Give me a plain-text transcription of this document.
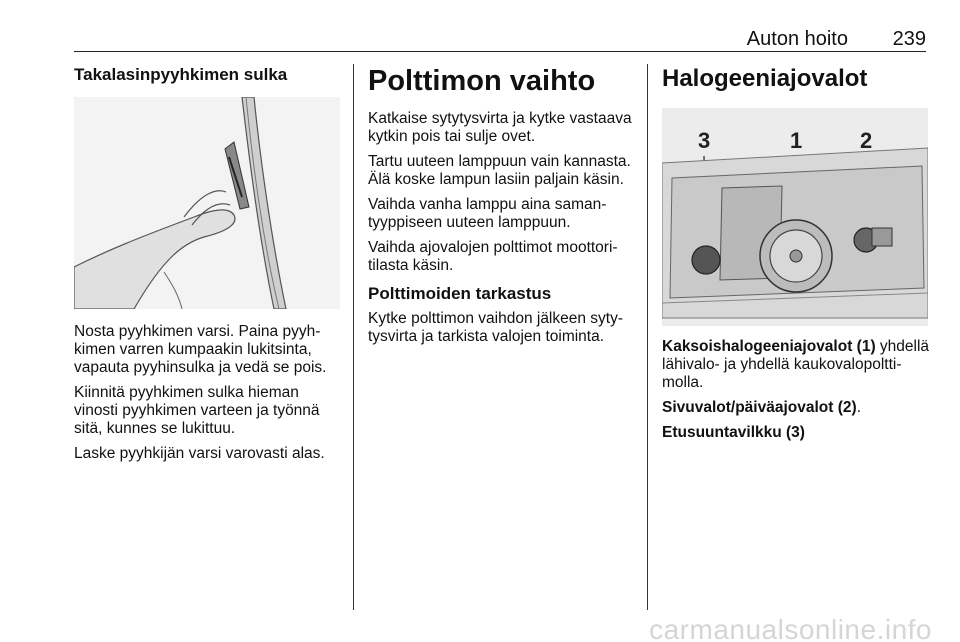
Auton hoito 239
Takalasinpyyhkimen sulka

Nosta pyyhkimen varsi. Paina pyyh-kimen varren kumpaakin lukitsinta, vapauta pyyhinsulka ja vedä se pois.

Kiinnitä pyyhkimen sulka hieman vinosti pyyhkimen varteen ja työnnä sitä, kunnes se lukittuu.

Laske pyyhkijän varsi varovasti alas.

Polttimon vaihto

Katkaise sytytysvirta ja kytke vastaava kytkin pois tai sulje ovet.

Tartu uuteen lamppuun vain kannasta. Älä koske lampun lasiin paljain käsin.

Vaihda vanha lamppu aina saman-tyyppiseen uuteen lamppuun.

Vaihda ajovalojen polttimot moottori-tilasta käsin.

Polttimoiden tarkastus

Kytke polttimon vaihdon jälkeen syty-tysvirta ja tarkista valojen toiminta.

Halogeeniajovalot
3	1	2

Kaksoishalogeeniajovalot (1) yhdellä lähivalo- ja yhdellä kaukovalopoltti-molla.

Sivuvalot/päiväajovalot (2).

Etusuuntavilkku (3)

carmanualsonline.info
